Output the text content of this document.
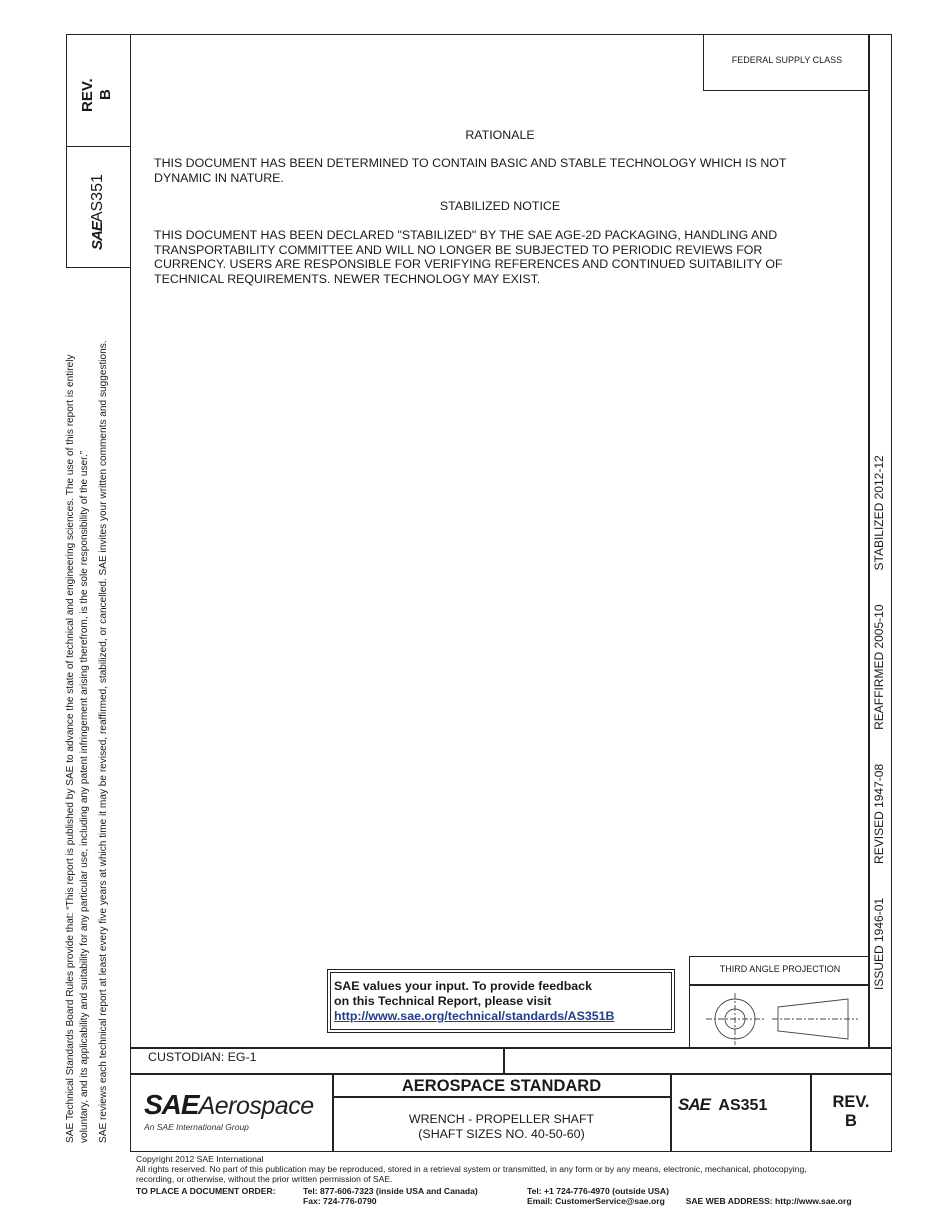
REV. B
SAEAS351
SAE Technical Standards Board Rules provide that: “This report is published by SAE to advance the state of technical and engineering sciences. The use of this report is entirely voluntary, and its applicability and suitability for any particular use, including any patent infringement arising therefrom, is the sole responsibility of the user.” SAE reviews each technical report at least every five years at which time it may be revised, reaffirmed, stabilized, or cancelled. SAE invites your written comments and suggestions.
FEDERAL SUPPLY CLASS
RATIONALE
THIS DOCUMENT HAS BEEN DETERMINED TO CONTAIN BASIC AND STABLE TECHNOLOGY WHICH IS NOT DYNAMIC IN NATURE.
STABILIZED NOTICE
THIS DOCUMENT HAS BEEN DECLARED "STABILIZED" BY THE SAE AGE-2D PACKAGING, HANDLING AND TRANSPORTABILITY COMMITTEE AND WILL NO LONGER BE SUBJECTED TO PERIODIC REVIEWS FOR CURRENCY. USERS ARE RESPONSIBLE FOR VERIFYING REFERENCES AND CONTINUED SUITABILITY OF TECHNICAL REQUIREMENTS. NEWER TECHNOLOGY MAY EXIST.
ISSUED 1946-01REVISED 1947-08REAFFIRMED 2005-10STABILIZED 2012-12
SAE values your input. To provide feedback
on this Technical Report, please visit
http://www.sae.org/technical/standards/AS351B
THIRD ANGLE PROJECTION
CUSTODIAN: EG-1
SAEAerospace
An SAE International Group
AEROSPACE STANDARD
WRENCH - PROPELLER SHAFT
(SHAFT SIZES NO. 40-50-60)
SAE AS351	REV.
B
Copyright 2012 SAE International
All rights reserved. No part of this publication may be reproduced, stored in a retrieval system or transmitted, in any form or by any means, electronic, mechanical, photocopying,
recording, or otherwise, without the prior written permission of SAE.
TO PLACE A DOCUMENT ORDER:	Tel: 877-606-7323 (inside USA and Canada)
Fax: 724-776-0790
Tel: +1 724-776-4970 (outside USA)
Email: CustomerService@sae.org SAE WEB ADDRESS: http://www.sae.org
